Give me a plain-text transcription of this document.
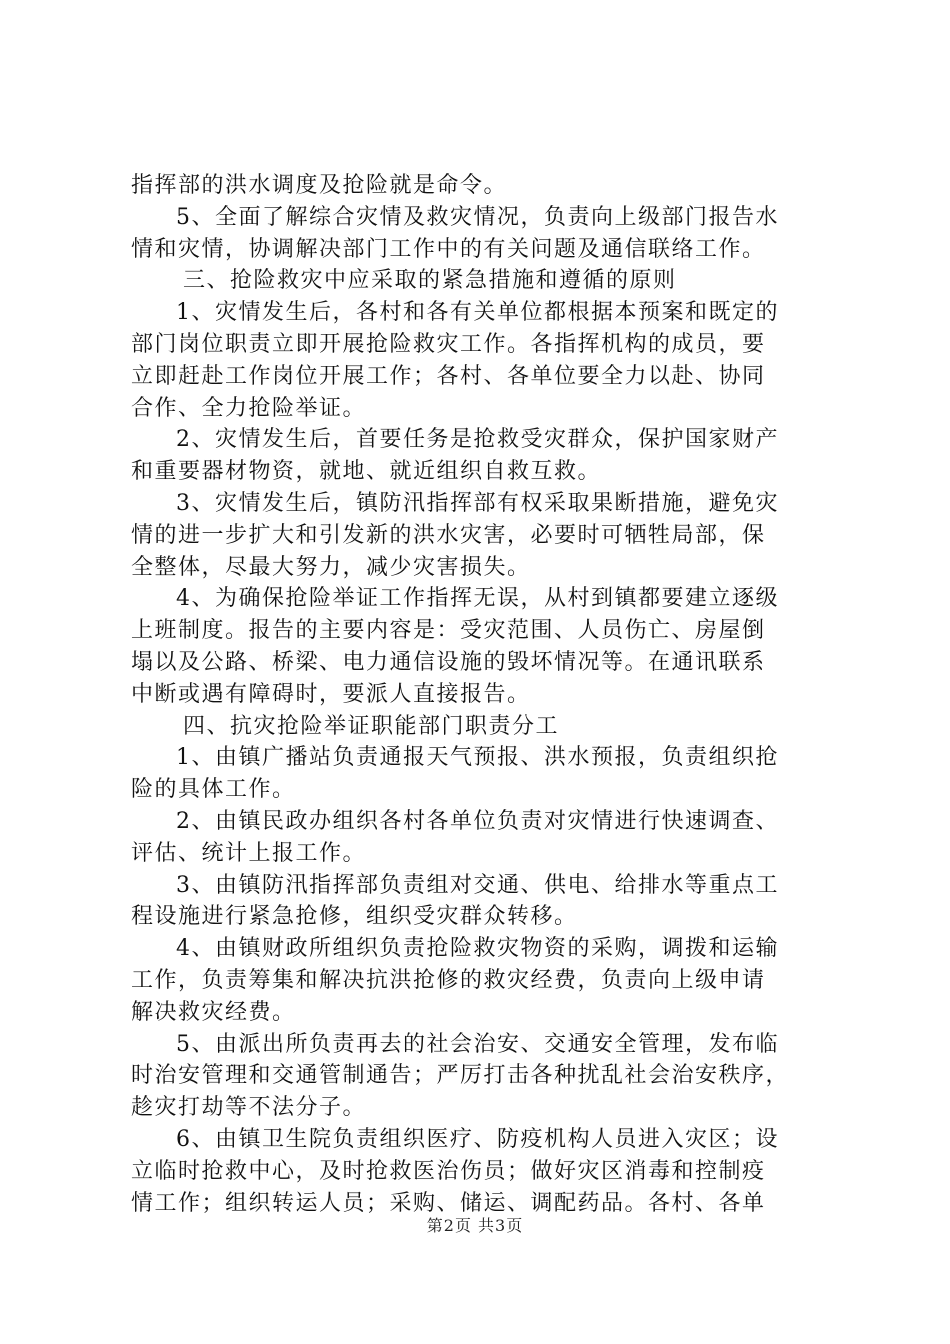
指挥部的洪水调度及抢险就是命令。
5、全面了解综合灾情及救灾情况，负责向上级部门报告水
情和灾情，协调解决部门工作中的有关问题及通信联络工作。
三、抢险救灾中应采取的紧急措施和遵循的原则
1、灾情发生后，各村和各有关单位都根据本预案和既定的
部门岗位职责立即开展抢险救灾工作。各指挥机构的成员，要
立即赶赴工作岗位开展工作；各村、各单位要全力以赴、协同
合作、全力抢险举证。
2、灾情发生后，首要任务是抢救受灾群众，保护国家财产
和重要器材物资，就地、就近组织自救互救。
3、灾情发生后，镇防汛指挥部有权采取果断措施，避免灾
情的进一步扩大和引发新的洪水灾害，必要时可牺牲局部，保
全整体，尽最大努力，减少灾害损失。
4、为确保抢险举证工作指挥无误，从村到镇都要建立逐级
上班制度。报告的主要内容是：受灾范围、人员伤亡、房屋倒
塌以及公路、桥梁、电力通信设施的毁坏情况等。在通讯联系
中断或遇有障碍时，要派人直接报告。
四、抗灾抢险举证职能部门职责分工
1、由镇广播站负责通报天气预报、洪水预报，负责组织抢
险的具体工作。
2、由镇民政办组织各村各单位负责对灾情进行快速调查、
评估、统计上报工作。
3、由镇防汛指挥部负责组对交通、供电、给排水等重点工
程设施进行紧急抢修，组织受灾群众转移。
4、由镇财政所组织负责抢险救灾物资的采购，调拨和运输
工作，负责筹集和解决抗洪抢修的救灾经费，负责向上级申请
解决救灾经费。
5、由派出所负责再去的社会治安、交通安全管理，发布临
时治安管理和交通管制通告；严厉打击各种扰乱社会治安秩序，
趁灾打劫等不法分子。
6、由镇卫生院负责组织医疗、防疫机构人员进入灾区；设
立临时抢救中心，及时抢救医治伤员；做好灾区消毒和控制疫
情工作；组织转运人员；采购、储运、调配药品。各村、各单
第2页 共3页
